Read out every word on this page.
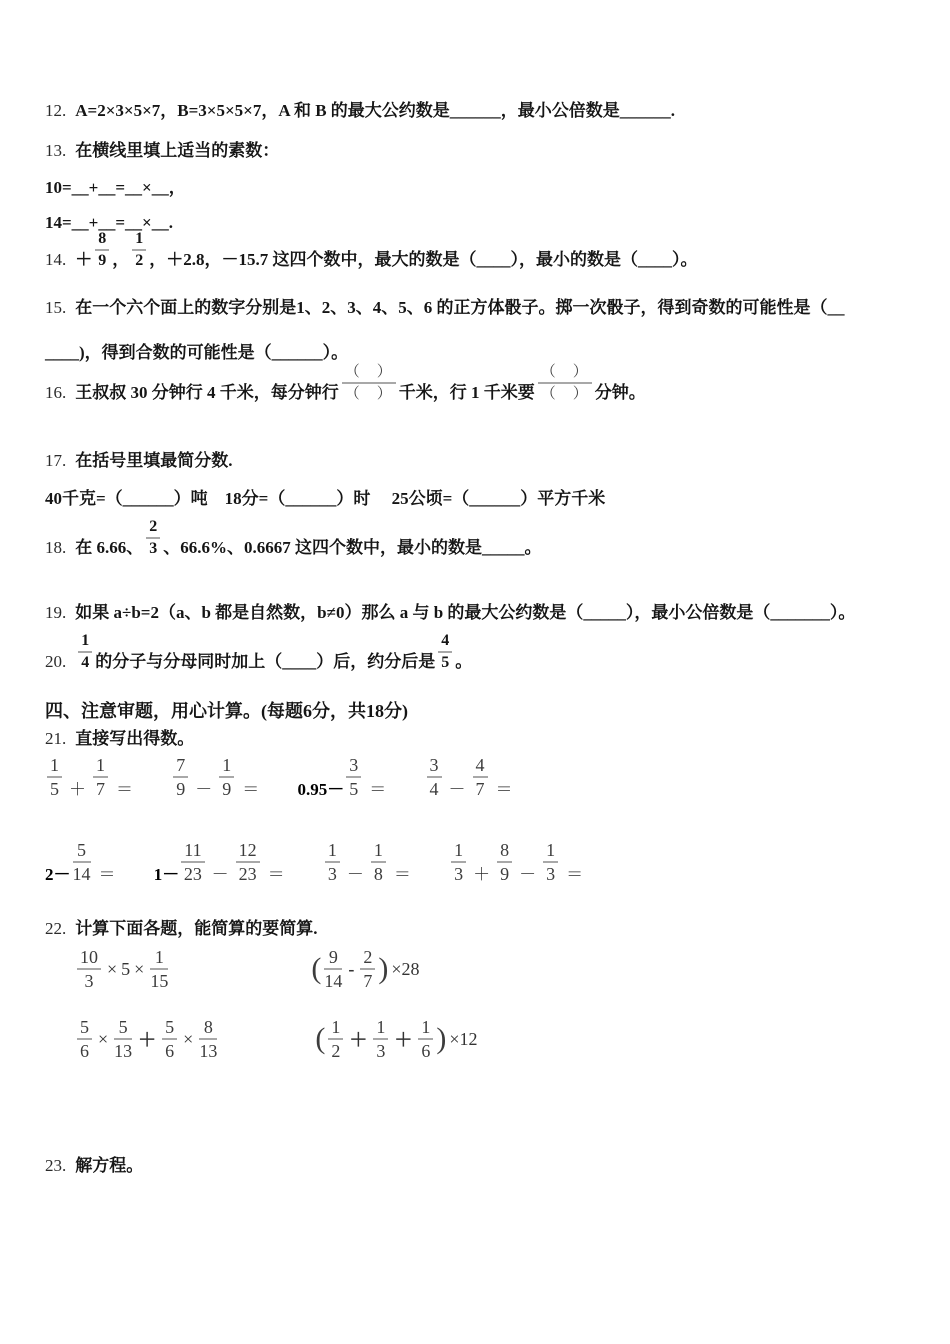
12. A=2×3×5×7，B=3×5×5×7，A 和 B 的最大公约数是______，最小公倍数是______.
13. 在横线里填上适当的素数：
10=__+__=__×__，
14=__+__=__×__.
14. ＋ $\frac{8}{9}$ ， $\frac{1}{2}$ ，＋2.8，－15.7 这四个数中，最大的数是（____），最小的数是（____）。
15. 在一个六个面上的数字分别是1、2、3、4、5、6 的正方体骰子。掷一次骰子，得到奇数的可能性是（__
____)，得到合数的可能性是（______）。
16. 王叔叔 30 分钟行 4 千米，每分钟行 $\frac{( )}{( )}$ 千米，行 1 千米要 $\frac{( )}{( )}$ 分钟。
17. 在括号里填最简分数.
40千克=（______）吨　18分=（______）时　 25公顷=（______）平方千米
18. 在 6.66、 $\frac{2}{3}$ 、66.6%、0.6667 这四个数中，最小的数是_____。
19. 如果 a÷b=2（a、b 都是自然数，b≠0）那么 a 与 b 的最大公约数是（_____），最小公倍数是（_______）。
20. $\frac{1}{4}$ 的分子与分母同时加上（____）后，约分后是 $\frac{4}{5}$ 。
四、注意审题，用心计算。(每题6分，共18分)
21. 直接写出得数。
$\frac{1}{5} + \frac{1}{7} = \frac{7}{9} - \frac{1}{9} = 0.95- \frac{3}{5} = \frac{3}{4} - \frac{4}{7}$ ＝
$2- \frac{5}{14} = 1- \frac{11}{23} - \frac{12}{23} = \frac{1}{3} - \frac{1}{8} = \frac{1}{3} + \frac{8}{9} - \frac{1}{3}$ ＝
22. 计算下面各题，能简算的要简算.
$\frac{10}{3} \times 5 \times \frac{1}{15}$	( $\frac{9}{14} - \frac{2}{7}$ ) ×28
$\frac{5}{6} \times \frac{5}{13} + \frac{5}{6} \times \frac{8}{13}$	( $\frac{1}{2} + \frac{1}{3} + \frac{1}{6}$ ) ×12
23. 解方程。
